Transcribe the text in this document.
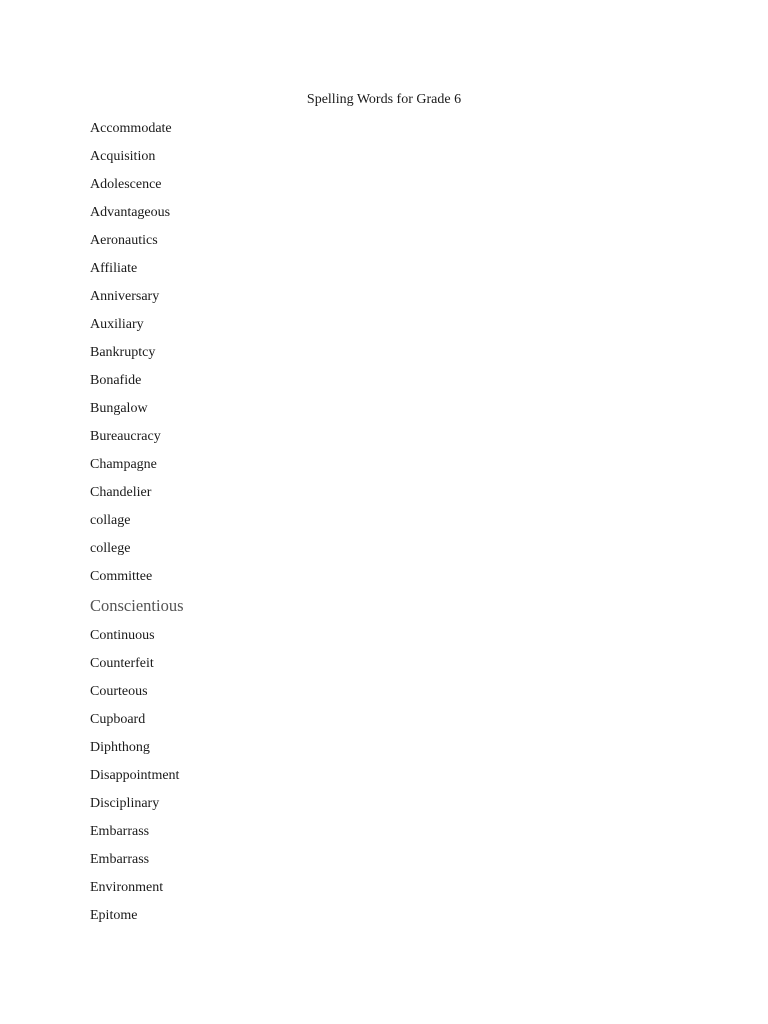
Spelling Words for Grade 6
Accommodate
Acquisition
Adolescence
Advantageous
Aeronautics
Affiliate
Anniversary
Auxiliary
Bankruptcy
Bonafide
Bungalow
Bureaucracy
Champagne
Chandelier
collage
college
Committee
Conscientious
Continuous
Counterfeit
Courteous
Cupboard
Diphthong
Disappointment
Disciplinary
Embarrass
Embarrass
Environment
Epitome
